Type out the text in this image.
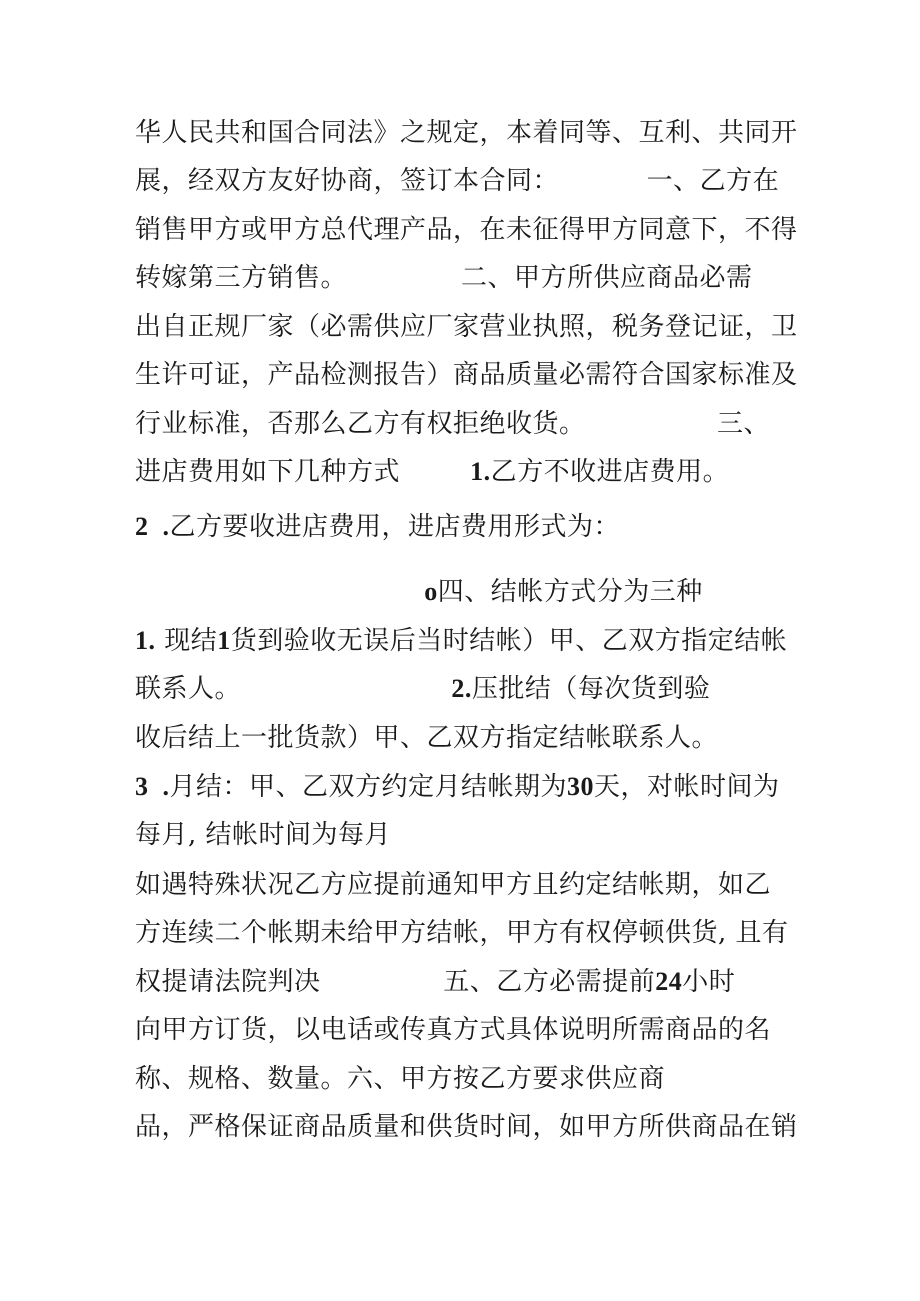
华人民共和国合同法》之规定，本着同等、互利、共同开
展，经双方友好协商，签订本合同：          一、乙方在
销售甲方或甲方总代理产品，在未征得甲方同意下，不得
转嫁第三方销售。             二、甲方所供应商品必需
出自正规厂家（必需供应厂家营业执照，税务登记证，卫
生许可证，产品检测报告）商品质量必需符合国家标准及
行业标准，否那么乙方有权拒绝收货。               三、
进店费用如下几种方式        1.乙方不收进店费用。
2  .乙方要收进店费用，进店费用形式为：
o四、结帐方式分为三种
1. 现结1货到验收无误后当时结帐）甲、乙双方指定结帐
联系人。                        2.压批结（每次货到验
收后结上一批货款）甲、乙双方指定结帐联系人。
3  .月结：甲、乙双方约定月结帐期为30天，对帐时间为
每月, 结帐时间为每月
如遇特殊状况乙方应提前通知甲方且约定结帐期，如乙
方连续二个帐期未给甲方结帐，甲方有权停顿供货, 且有
权提请法院判决              五、乙方必需提前24小时
向甲方订货，以电话或传真方式具体说明所需商品的名
称、规格、数量。六、甲方按乙方要求供应商
品，严格保证商品质量和供货时间，如甲方所供商品在销
